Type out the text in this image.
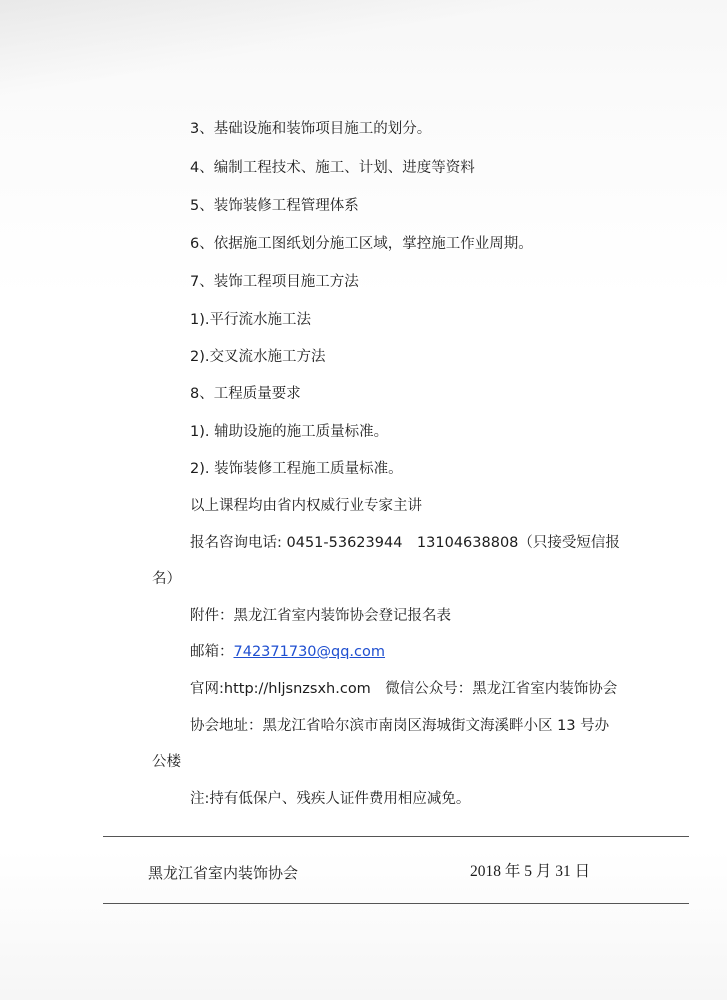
3、基础设施和装饰项目施工的划分。
4、编制工程技术、施工、计划、进度等资料
5、装饰装修工程管理体系
6、依据施工图纸划分施工区域，掌控施工作业周期。
7、装饰工程项目施工方法
1).平行流水施工法
2).交叉流水施工方法
8、工程质量要求
1). 辅助设施的施工质量标准。
2). 装饰装修工程施工质量标准。
以上课程均由省内权威行业专家主讲
报名咨询电话: 0451-53623944　13104638808（只接受短信报
名）
附件：黑龙江省室内装饰协会登记报名表
邮箱：742371730@qq.com
官网:http://hljsnzsxh.com　微信公众号：黑龙江省室内装饰协会
协会地址：黑龙江省哈尔滨市南岗区海城街文海溪畔小区 13 号办
公楼
注:持有低保户、残疾人证件费用相应减免。
黑龙江省室内装饰协会	2018 年 5 月 31 日
